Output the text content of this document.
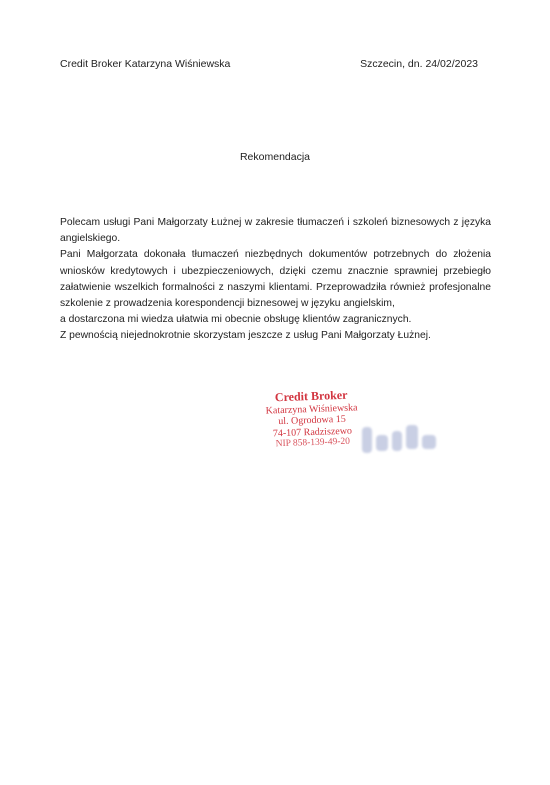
Credit Broker Katarzyna Wiśniewska	Szczecin, dn. 24/02/2023
Rekomendacja

Polecam usługi Pani Małgorzaty Łużnej w zakresie tłumaczeń i szkoleń biznesowych z języka angielskiego.

Pani Małgorzata dokonała tłumaczeń niezbędnych dokumentów potrzebnych do złożenia wniosków kredytowych i ubezpieczeniowych, dzięki czemu znacznie sprawniej przebiegło załatwienie wszelkich formalności z naszymi klientami. Przeprowadziła również profesjonalne szkolenie z prowadzenia korespondencji biznesowej w języku angielskim,

a dostarczona mi wiedza ułatwia mi obecnie obsługę klientów zagranicznych.

Z pewnością niejednokrotnie skorzystam jeszcze z usług Pani Małgorzaty Łużnej.

Credit Broker
Katarzyna Wiśniewska
ul. Ogrodowa 15
74-107 Radziszewo
NIP 858-139-49-20
